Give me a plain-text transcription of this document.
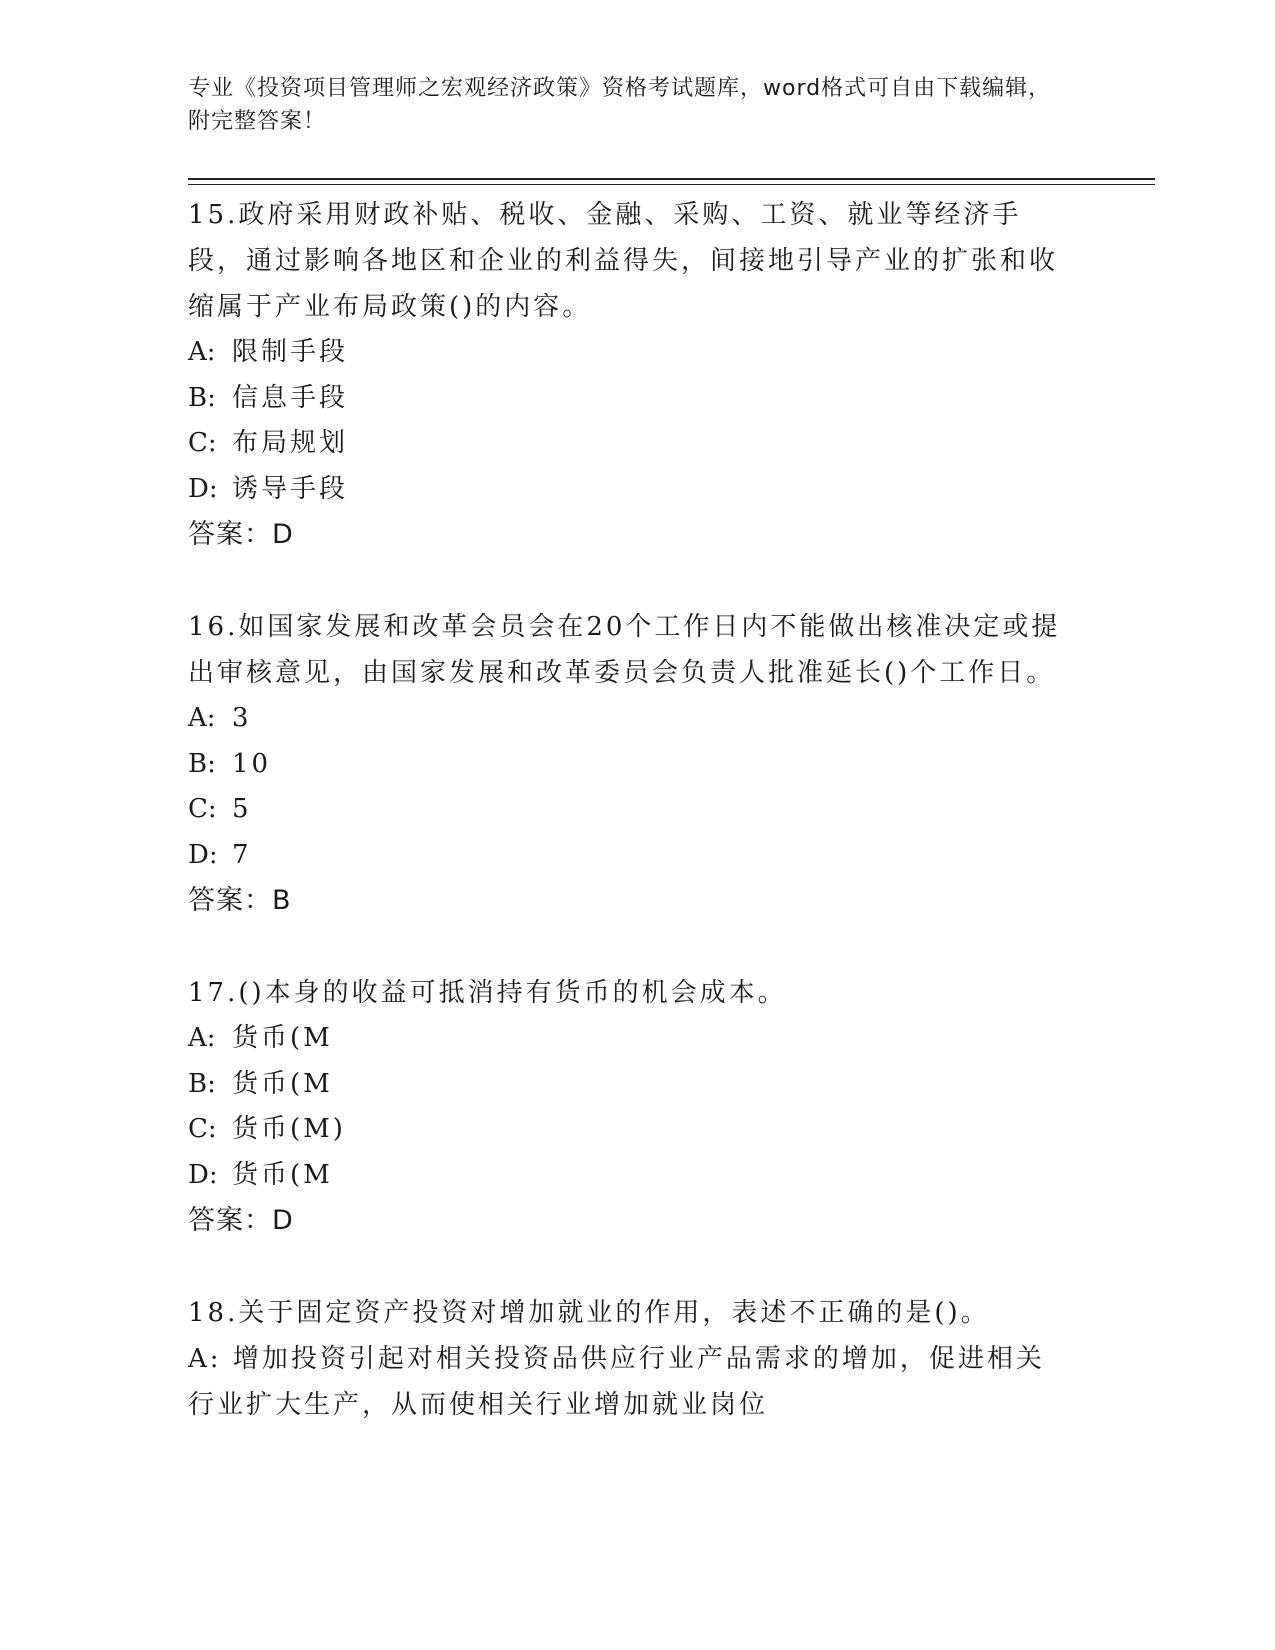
专业《投资项目管理师之宏观经济政策》资格考试题库，word格式可自由下载编辑，附完整答案！
15.政府采用财政补贴、税收、金融、采购、工资、就业等经济手段，通过影响各地区和企业的利益得失，间接地引导产业的扩张和收缩属于产业布局政策()的内容。
A: 限制手段
B: 信息手段
C: 布局规划
D: 诱导手段
答案：D
16.如国家发展和改革会员会在20个工作日内不能做出核准决定或提出审核意见，由国家发展和改革委员会负责人批准延长()个工作日。
A: 3
B: 10
C: 5
D: 7
答案：B
17.()本身的收益可抵消持有货币的机会成本。
A: 货币(M
B: 货币(M
C: 货币(M)
D: 货币(M
答案：D
18.关于固定资产投资对增加就业的作用，表述不正确的是()。
A: 增加投资引起对相关投资品供应行业产品需求的增加，促进相关行业扩大生产，从而使相关行业增加就业岗位
